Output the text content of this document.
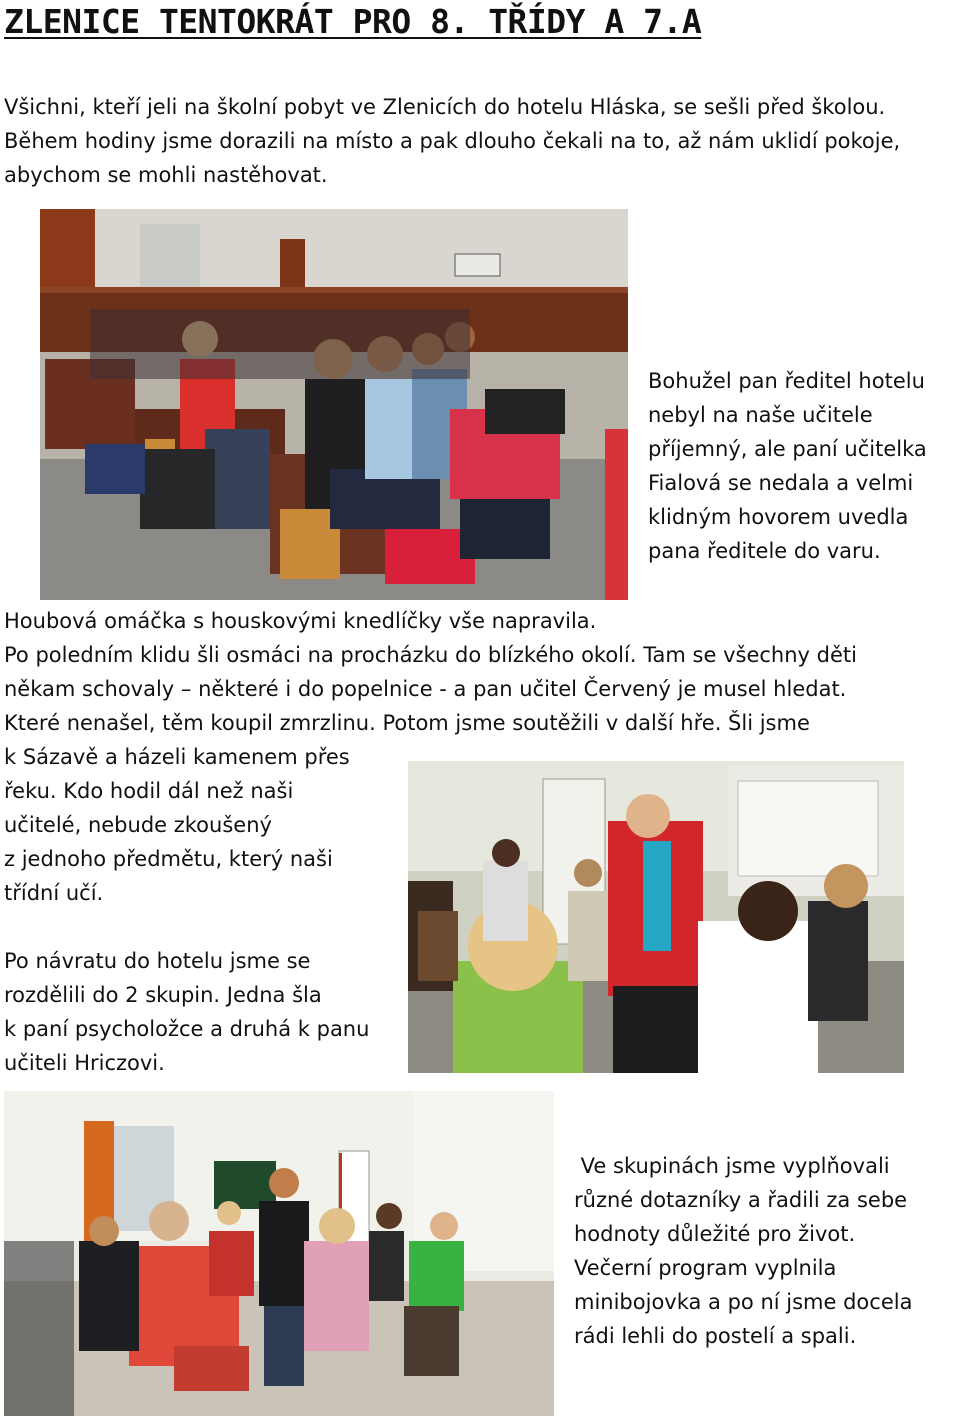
ZLENICE TENTOKRÁT PRO 8. TŘÍDY A 7.A
Všichni, kteří jeli na školní pobyt ve Zlenicích do hotelu Hláska, se sešli před školou.
Během hodiny jsme dorazili na místo a pak dlouho čekali na to, až nám uklidí pokoje,
abychom se mohli nastěhovat.
Bohužel pan ředitel hotelu
nebyl na naše učitele
příjemný, ale paní učitelka
Fialová se nedala a velmi
klidným hovorem uvedla
pana ředitele do varu.
Houbová omáčka s houskovými knedlíčky vše napravila.
Po poledním klidu šli osmáci na procházku do blízkého okolí. Tam se všechny děti
někam schovaly – některé i do popelnice - a pan učitel Červený je musel hledat.
Které nenašel, těm koupil zmrzlinu. Potom jsme soutěžili v další hře. Šli jsme
k Sázavě a házeli kamenem přes
řeku. Kdo hodil dál než naši
učitelé, nebude zkoušený
z jednoho předmětu, který naši
třídní učí.
Po návratu do hotelu jsme se
rozdělili do 2 skupin. Jedna šla
k paní psycholožce a druhá k panu
učiteli Hriczovi.
Ve skupinách jsme vyplňovali
různé dotazníky a řadili za sebe
hodnoty důležité pro život.
Večerní program vyplnila
minibojovka a po ní jsme docela
rádi lehli do postelí a spali.
